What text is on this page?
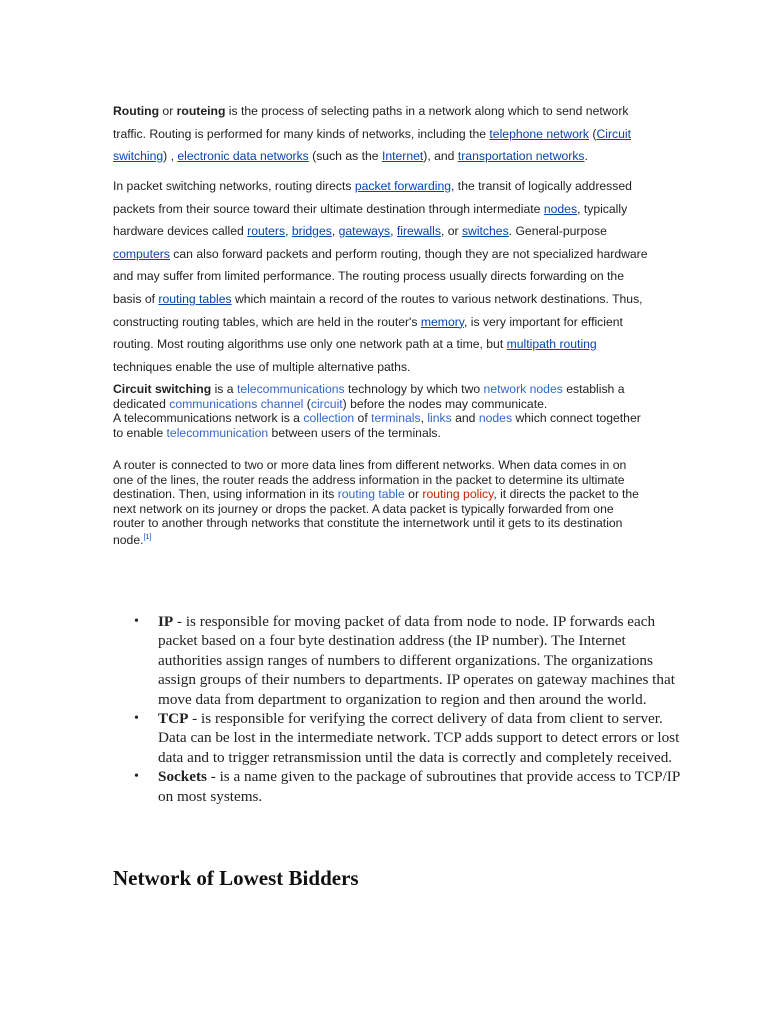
Routing or routeing is the process of selecting paths in a network along which to send network traffic. Routing is performed for many kinds of networks, including the telephone network (Circuit switching) , electronic data networks (such as the Internet), and transportation networks.
In packet switching networks, routing directs packet forwarding, the transit of logically addressed packets from their source toward their ultimate destination through intermediate nodes, typically hardware devices called routers, bridges, gateways, firewalls, or switches. General-purpose computers can also forward packets and perform routing, though they are not specialized hardware and may suffer from limited performance. The routing process usually directs forwarding on the basis of routing tables which maintain a record of the routes to various network destinations. Thus, constructing routing tables, which are held in the router's memory, is very important for efficient routing. Most routing algorithms use only one network path at a time, but multipath routing techniques enable the use of multiple alternative paths.
Circuit switching is a telecommunications technology by which two network nodes establish a dedicated communications channel (circuit) before the nodes may communicate.
A telecommunications network is a collection of terminals, links and nodes which connect together to enable telecommunication between users of the terminals.
A router is connected to two or more data lines from different networks. When data comes in on one of the lines, the router reads the address information in the packet to determine its ultimate destination. Then, using information in its routing table or routing policy, it directs the packet to the next network on its journey or drops the packet. A data packet is typically forwarded from one router to another through networks that constitute the internetwork until it gets to its destination node.[1]
• IP - is responsible for moving packet of data from node to node. IP forwards each packet based on a four byte destination address (the IP number). The Internet authorities assign ranges of numbers to different organizations. The organizations assign groups of their numbers to departments. IP operates on gateway machines that move data from department to organization to region and then around the world.
• TCP - is responsible for verifying the correct delivery of data from client to server. Data can be lost in the intermediate network. TCP adds support to detect errors or lost data and to trigger retransmission until the data is correctly and completely received.
• Sockets - is a name given to the package of subroutines that provide access to TCP/IP on most systems.
Network of Lowest Bidders
